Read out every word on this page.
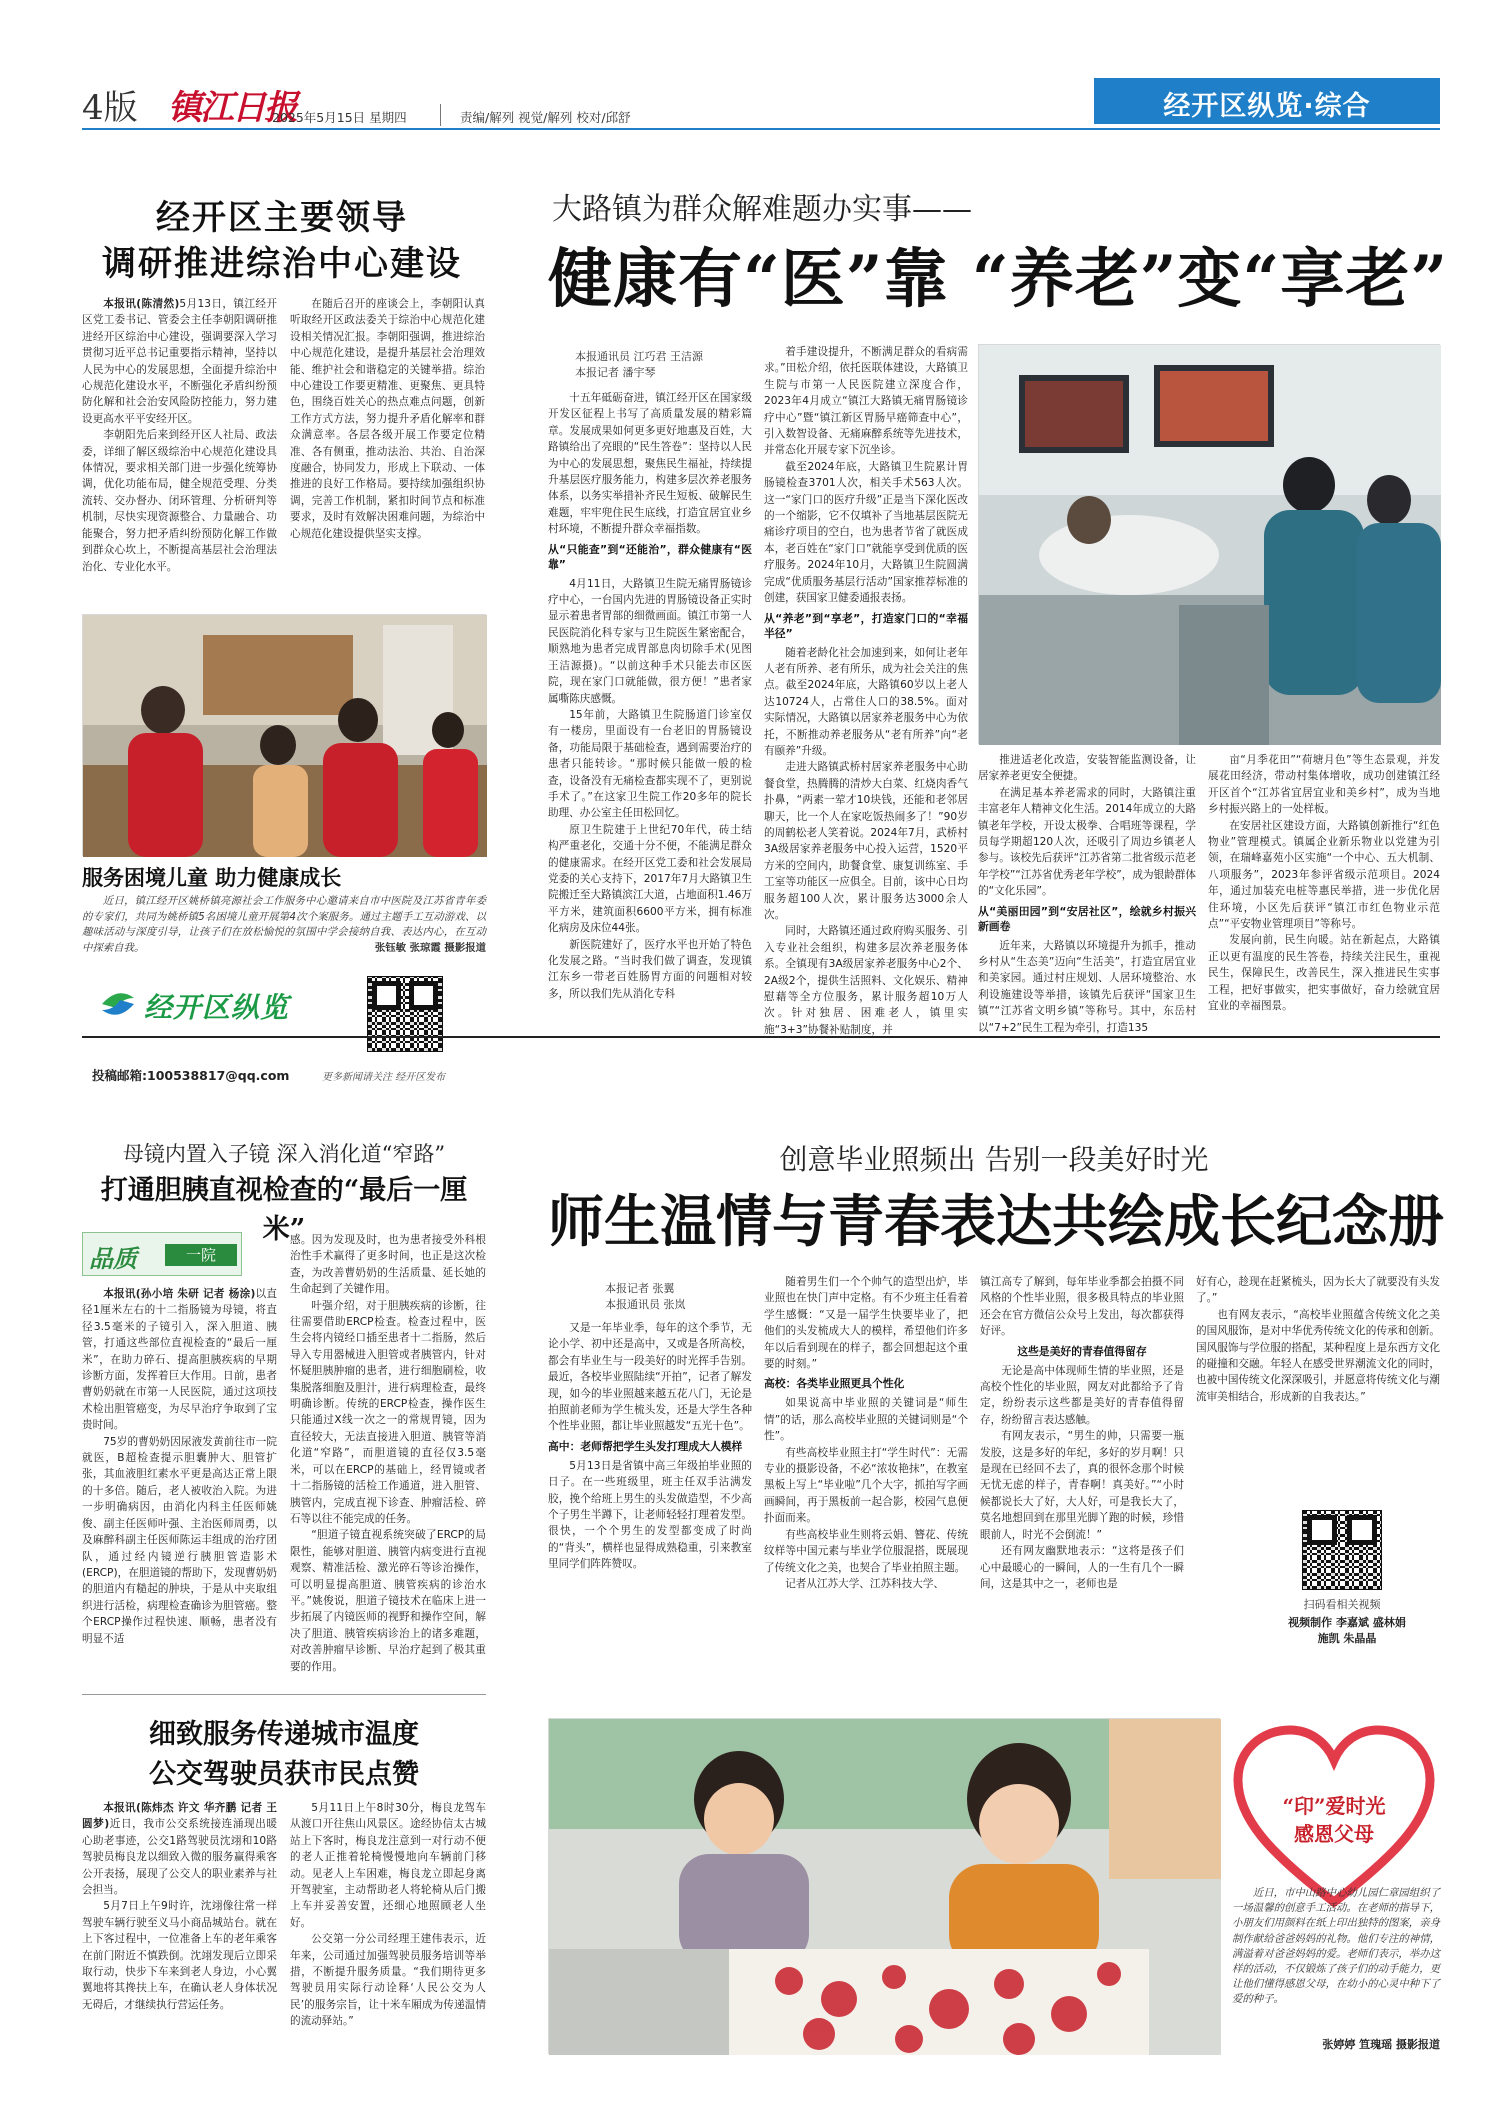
4版 镇江日报
2025年5月15日 星期四	责编/解列 视觉/解列 校对/邱舒	经开区纵览·综合
经开区主要领导
调研推进综治中心建设

本报讯(陈清然)5月13日，镇江经开区党工委书记、管委会主任李朝阳调研推进经开区综治中心建设，强调要深入学习贯彻习近平总书记重要指示精神，坚持以人民为中心的发展思想，全面提升综治中心规范化建设水平，不断强化矛盾纠纷预防化解和社会治安风险防控能力，努力建设更高水平平安经开区。

李朝阳先后来到经开区人社局、政法委，详细了解区级综治中心规范化建设具体情况，要求相关部门进一步强化统筹协调，优化功能布局，健全规范受理、分类流转、交办督办、闭环管理、分析研判等机制，尽快实现资源整合、力量融合、功能聚合，努力把矛盾纠纷预防化解工作做到群众心坎上，不断提高基层社会治理法治化、专业化水平。

在随后召开的座谈会上，李朝阳认真听取经开区政法委关于综治中心规范化建设相关情况汇报。李朝阳强调，推进综治中心规范化建设，是提升基层社会治理效能、维护社会和谐稳定的关键举措。综治中心建设工作要更精准、更聚焦、更具特色，围绕百姓关心的热点难点问题，创新工作方式方法，努力提升矛盾化解率和群众满意率。各层各级开展工作要定位精准、各有侧重，推动法治、共治、自治深度融合，协同发力，形成上下联动、一体推进的良好工作格局。要持续加强组织协调，完善工作机制，紧扣时间节点和标准要求，及时有效解决困难问题，为综治中心规范化建设提供坚实支撑。

服务困境儿童 助力健康成长
近日，镇江经开区姚桥镇亮源社会工作服务中心邀请来自市中医院及江苏省青年委的专家们，共同为姚桥镇5名困境儿童开展第4次个案服务。通过主题手工互动游戏、以趣味活动与深度引导，让孩子们在放松愉悦的氛围中学会接纳自我、表达内心，在互动中探索自我。	张钰敏 张琼霞 摄影报道
经开区纵览
投稿邮箱:100538817@qq.com	更多新闻请关注 经开区发布
大路镇为群众解难题办实事——
健康有“医”靠 “养老”变“享老”
本报通讯员 江巧君 王洁源
本报记者 潘宇琴

十五年砥砺奋进，镇江经开区在国家级开发区征程上书写了高质量发展的精彩篇章。发展成果如何更多更好地惠及百姓，大路镇给出了亮眼的“民生答卷”：坚持以人民为中心的发展思想，聚焦民生福祉，持续提升基层医疗服务能力，构建多层次养老服务体系，以务实举措补齐民生短板、破解民生难题，牢牢兜住民生底线，打造宜居宜业乡村环境，不断提升群众幸福指数。

从“只能查”到“还能治”，群众健康有“医靠”

4月11日，大路镇卫生院无痛胃肠镜诊疗中心，一台国内先进的胃肠镜设备正实时显示着患者胃部的细微画面。镇江市第一人民医院消化科专家与卫生院医生紧密配合，顺熟地为患者完成胃部息肉切除手术(见图 王洁源摄)。“以前这种手术只能去市区医院，现在家门口就能做，很方便！”患者家属嘶陈庆感慨。

15年前，大路镇卫生院肠道门诊室仅有一楼房，里面设有一台老旧的胃肠镜设备，功能局限于基础检查，遇到需要治疗的患者只能转诊。“那时候只能做一般的检查，设备没有无痛检查都实现不了，更别说手术了。”在这家卫生院工作20多年的院长助理、办公室主任田松回忆。

原卫生院建于上世纪70年代，砖土结构严重老化，交通十分不便，不能满足群众的健康需求。在经开区党工委和社会发展局党委的关心支持下，2017年7月大路镇卫生院搬迁至大路镇滨江大道，占地面积1.46万平方米，建筑面积6600平方米，拥有标准化病房及床位44张。

新医院建好了，医疗水平也开始了特色化发展之路。“当时我们做了调查，发现镇江东乡一带老百姓肠胃方面的问题相对较多，所以我们先从消化专科

着手建设提升，不断满足群众的看病需求。”田松介绍，依托医联体建设，大路镇卫生院与市第一人民医院建立深度合作，2023年4月成立“镇江大路镇无痛胃肠镜诊疗中心”暨“镇江新区胃肠早癌筛查中心”，引入数智设备、无痛麻醉系统等先进技术，并常态化开展专家下沉坐诊。

截至2024年底，大路镇卫生院累计胃肠镜检查3701人次，相关手术563人次。这一“家门口的医疗升级”正是当下深化医改的一个缩影，它不仅填补了当地基层医院无痛诊疗项目的空白，也为患者节省了就医成本，老百姓在“家门口”就能享受到优质的医疗服务。2024年10月，大路镇卫生院圆满完成“优质服务基层行活动”国家推荐标准的创建，获国家卫健委通报表扬。

从“养老”到“享老”，打造家门口的“幸福半径”

随着老龄化社会加速到来，如何让老年人老有所养、老有所乐，成为社会关注的焦点。截至2024年底，大路镇60岁以上老人达10724人，占常住人口的38.5%。面对实际情况，大路镇以居家养老服务中心为依托，不断推动养老服务从“老有所养”向“老有颐养”升级。

走进大路镇武桥村居家养老服务中心助餐食堂，热腾腾的清炒大白菜、红烧肉香气扑鼻，“两素一荤才10块钱，还能和老邻居聊天，比一个人在家吃饭热闹多了！”90岁的周鹤松老人笑着说。2024年7月，武桥村3A级居家养老服务中心投入运营，1520平方米的空间内，助餐食堂、康复训练室、手工室等功能区一应俱全。目前，该中心日均服务超100人次，累计服务达3000余人次。

同时，大路镇还通过政府购买服务、引入专业社会组织，构建多层次养老服务体系。全镇现有3A级居家养老服务中心2个、2A级2个，提供生活照料、文化娱乐、精神慰藉等全方位服务，累计服务超10万人次。针对独居、困难老人，镇里实施“3+3”协餐补贴制度，并

推进适老化改造，安装智能监测设备，让居家养老更安全便捷。

在满足基本养老需求的同时，大路镇注重丰富老年人精神文化生活。2014年成立的大路镇老年学校，开设太极拳、合唱班等课程，学员每学期超120人次，还吸引了周边乡镇老人参与。该校先后获评“江苏省第二批省级示范老年学校”“江苏省优秀老年学校”，成为银龄群体的“文化乐园”。

从“美丽田园”到“安居社区”，绘就乡村振兴新画卷

近年来，大路镇以环境提升为抓手，推动乡村从“生态美”迈向“生活美”，打造宜居宜业和美家园。通过村庄规划、人居环境整治、水利设施建设等举措，该镇先后获评“国家卫生镇”“江苏省文明乡镇”等称号。其中，东岳村以“7+2”民生工程为牵引，打造135

亩“月季花田”“荷塘月色”等生态景观，并发展花田经济，带动村集体增收，成功创建镇江经开区首个“江苏省宜居宜业和美乡村”，成为当地乡村振兴路上的一处样板。

在安居社区建设方面，大路镇创新推行“红色物业”管理模式。镇属企业新乐物业以党建为引领，在瑞峰嘉苑小区实施“一个中心、五大机制、八项服务”，2023年参评省级示范项目。2024年，通过加装充电桩等惠民举措，进一步优化居住环境，小区先后获评“镇江市红色物业示范点”“平安物业管理项目”等称号。

发展向前，民生向暖。站在新起点，大路镇正以更有温度的民生答卷，持续关注民生，重视民生，保障民生，改善民生，深入推进民生实事工程，把好事做实，把实事做好，奋力绘就宜居宜业的幸福图景。

母镜内置入子镜 深入消化道“窄路”
打通胆胰直视检查的“最后一厘米”
品质	一院

本报讯(孙小培 朱研 记者 杨涂)以直径1厘米左右的十二指肠镜为母镜，将直径3.5毫米的子镜引入，深入胆道、胰管，打通这些部位直视检查的“最后一厘米”，在助力碎石、提高胆胰疾病的早期诊断方面，发挥着巨大作用。日前，患者曹奶奶就在市第一人民医院，通过这项技术检出胆管癌变，为尽早治疗争取到了宝贵时间。

75岁的曹奶奶因尿液发黄前往市一院就医，B超检查提示胆囊肿大、胆管扩张，其血液胆红素水平更是高达正常上限的十多倍。随后，老人被收治入院。为进一步明确病因，由消化内科主任医师姚俊、副主任医师叶强、主治医师周勇，以及麻醉科副主任医师陈运丰组成的治疗团队，通过经内镜逆行胰胆管造影术(ERCP)，在胆道镜的帮助下，发现曹奶奶的胆道内有糙起的肿块，于是从中夹取组织进行活检，病理检查确诊为胆管癌。整个ERCP操作过程快速、顺畅，患者没有明显不适

感。因为发现及时，也为患者接受外科根治性手术赢得了更多时间，也正是这次检查，为改善曹奶奶的生活质量、延长她的生命起到了关键作用。

叶强介绍，对于胆胰疾病的诊断，往往需要借助ERCP检查。检查过程中，医生会将内镜经口插至患者十二指肠，然后导入专用器械进入胆管或者胰管内，针对怀疑胆胰肿瘤的患者，进行细胞刷检，收集脱落细胞及胆汁，进行病理检查，最终明确诊断。传统的ERCP检查，操作医生只能通过X线一次之一的常规胃镜，因为直径较大，无法直接进入胆道、胰管等消化道“窄路”，而胆道镜的直径仅3.5毫米，可以在ERCP的基础上，经胃镜或者十二指肠镜的活检工作通道，进入胆管、胰管内，完成直视下诊查、肿瘤活检、碎石等以往不能完成的任务。

“胆道子镜直视系统突破了ERCP的局限性，能够对胆道、胰管内病变进行直视观察、精准活检、激光碎石等诊治操作，可以明显提高胆道、胰管疾病的诊治水平。”姚俊说，胆道子镜技术在临床上进一步拓展了内镜医师的视野和操作空间，解决了胆道、胰管疾病诊治上的诸多难题，对改善肿瘤早诊断、早治疗起到了极其重要的作用。

细致服务传递城市温度
公交驾驶员获市民点赞

本报讯(陈炜杰 许文 华齐鹏 记者 王圆梦)近日，我市公交系统接连涌现出暖心助老事迹，公交1路驾驶员沈翊和10路驾驶员梅良龙以细致入微的服务赢得乘客公开表扬，展现了公交人的职业素养与社会担当。

5月7日上午9时许，沈翊像往常一样驾驶车辆行驶至义马小商品城站台。就在上下客过程中，一位准备上车的老年乘客在前门附近不慎跌倒。沈翊发现后立即采取行动，快步下车来到老人身边，小心翼翼地将其搀扶上车，在确认老人身体状况无碍后，才继续执行营运任务。

5月11日上午8时30分，梅良龙驾车从渡口开往焦山风景区。途经协信太古城站上下客时，梅良龙注意到一对行动不便的老人正推着轮椅慢慢地向车辆前门移动。见老人上车困难，梅良龙立即起身离开驾驶室，主动帮助老人将轮椅从后门搬上车并妥善安置，还细心地照顾老人坐好。

公交第一分公司经理王建伟表示，近年来，公司通过加强驾驶员服务培训等举措，不断提升服务质量。“我们期待更多驾驶员用实际行动诠释‘人民公交为人民’的服务宗旨，让十米车厢成为传递温情的流动驿站。”

创意毕业照频出 告别一段美好时光
师生温情与青春表达共绘成长纪念册
本报记者 张翼
本报通讯员 张岚

又是一年毕业季，每年的这个季节，无论小学、初中还是高中，又或是各所高校，都会有毕业生与一段美好的时光挥手告别。最近，各校毕业照陆续“开拍”，记者了解发现，如今的毕业照越来越五花八门，无论是拍照前老师为学生梳头发，还是大学生各种个性毕业照，都让毕业照越发“五光十色”。

高中：老师帮把学生头发打理成大人模样

5月13日是省镇中高三年级拍毕业照的日子。在一些班级里，班主任双手沾满发胶，挽个给班上男生的头发做造型，不少高个子男生半蹲下，让老师轻轻打理着发型。很快，一个个男生的发型都变成了时尚的“背头”，横样也显得成熟稳重，引来教室里同学们阵阵赞叹。

随着男生们一个个帅气的造型出炉，毕业照也在快门声中定格。有不少班主任看着学生感慨：“又是一届学生快要毕业了，把他们的头发梳成大人的模样，希望他们许多年以后看到现在的样子，都会回想起这个重要的时刻。”

高校：各类毕业照更具个性化

如果说高中毕业照的关键词是“师生情”的话，那么高校毕业照的关键词则是“个性”。

有些高校毕业照主打“学生时代”：无需专业的摄影设备，不必“浓妆艳抹”，在教室黑板上写上“毕业啦”几个大字，抓拍写字画画瞬间，再于黑板前一起合影，校园气息便扑面而来。

有些高校毕业生则将云娟、簪花、传统纹样等中国元素与毕业学位服混搭，既展现了传统文化之美，也契合了毕业拍照主题。

记者从江苏大学、江苏科技大学、

镇江高专了解到，每年毕业季都会拍摄不同风格的个性毕业照，很多极具特点的毕业照还会在官方微信公众号上发出，每次都获得好评。

这些是美好的青春值得留存

无论是高中体现师生情的毕业照，还是高校个性化的毕业照，网友对此都给予了肯定，纷纷表示这些都是美好的青春值得留存，纷纷留言表达感触。

有网友表示，“男生的帅，只需要一瓶发胶，这是多好的年纪，多好的岁月啊！只是现在已经回不去了，真的很怀念那个时候无忧无虑的样子，青春啊！真美好。”“小时候都说长大了好，大人好，可是我长大了，莫名地想回到在那里光脚丫跑的时候，珍惜眼前人，时光不会倒流！”

还有网友幽默地表示：“这将是孩子们心中最暖心的一瞬间，人的一生有几个一瞬间，这是其中之一，老师也是

好有心，趁现在赶紧梳头，因为长大了就要没有头发了。”

也有网友表示，“高校毕业照蕴含传统文化之美的国风服饰，是对中华优秀传统文化的传承和创新。国风服饰与学位服的搭配，某种程度上是东西方文化的碰撞和交融。年轻人在感受世界潮流文化的同时，也被中国传统文化深深吸引，并愿意将传统文化与潮流审美相结合，形成新的自我表达。”

扫码看相关视频
视频制作 李嘉斌 盛林娟
施凯 朱晶晶
“印”爱时光
感恩父母
近日，市中山路中心幼儿园仁章园组织了一场温馨的创意手工活动。在老师的指导下，小朋友们用颜料在纸上印出独特的图案，亲身制作献给爸爸妈妈的礼物。他们专注的神情，满溢着对爸爸妈妈的爱。老师们表示，举办这样的活动，不仅锻炼了孩子们的动手能力，更让他们懂得感恩父母，在幼小的心灵中种下了爱的种子。
张婷婷 笪瑰瑶 摄影报道
